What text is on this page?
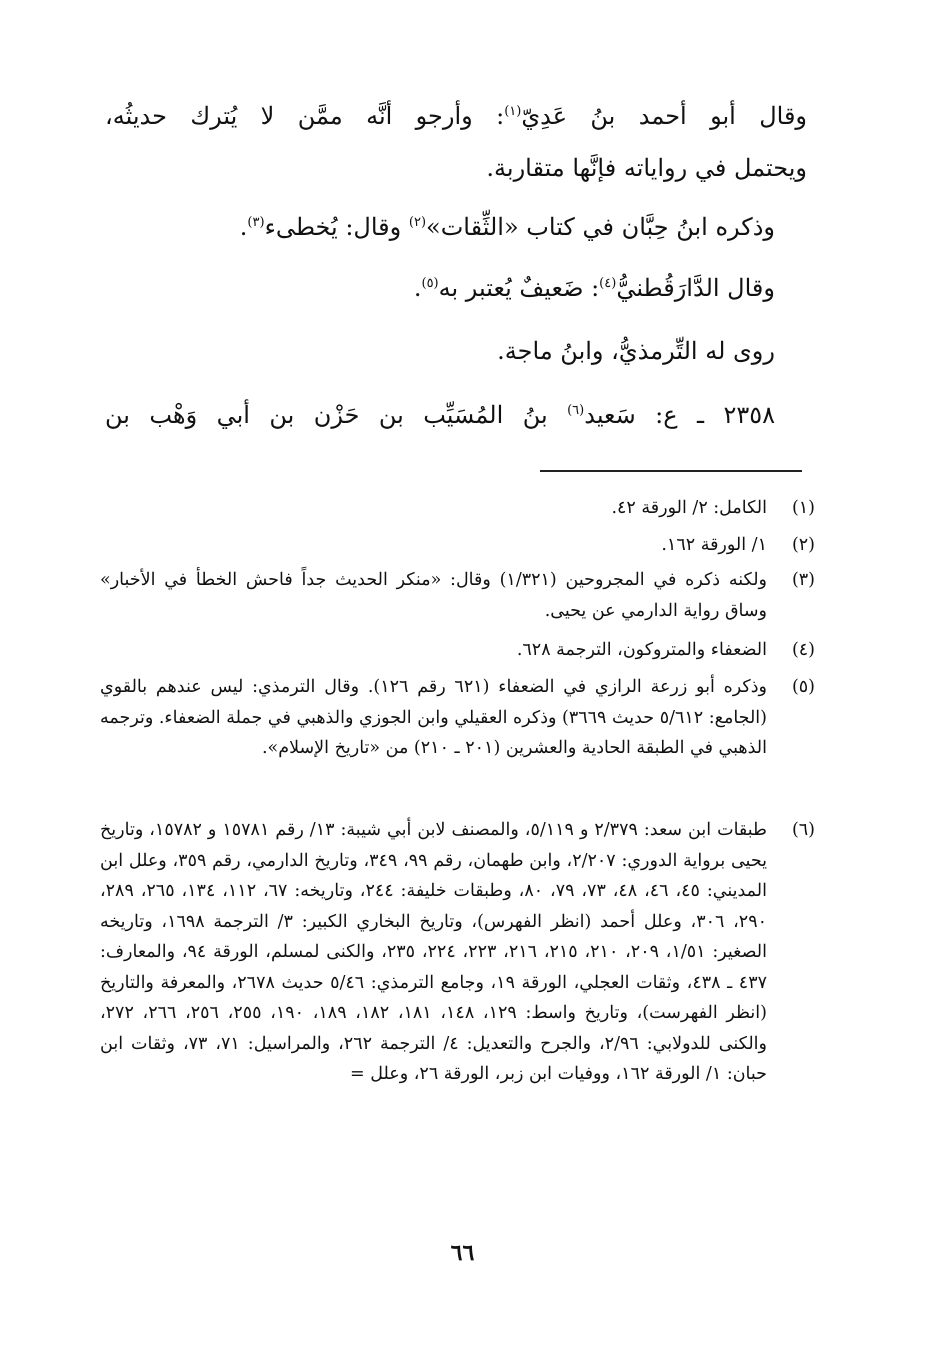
وقال أبو أحمد بنُ عَدِيّ$^{(١)}$: وأرجو أنَّه ممَّن لا يُترك حديثُه،
ويحتمل في رواياته فإنَّها متقاربة.
وذكره ابنُ حِبَّان في كتاب «الثِّقات»$^{(٢)}$ وقال: يُخطىء$^{(٣)}$.
وقال الدَّارَقُطنيُّ$^{(٤)}$: ضَعيفٌ يُعتبر به$^{(٥)}$.
روى له التِّرمذيُّ، وابنُ ماجة.
٢٣٥٨ ـ ع: سَعيد$^{(٦)}$ بنُ المُسَيِّب بن حَزْن بن أبي وَهْب بن
(١)
الكامل: ٢/ الورقة ٤٢.
(٢)
١/ الورقة ١٦٢.
(٣)
ولكنه ذكره في المجروحين (١/٣٢١) وقال: «منكر الحديث جداً فاحش الخطأ في الأخبار» وساق رواية الدارمي عن يحيى.
(٤)
الضعفاء والمتروكون، الترجمة ٦٢٨.
(٥)
وذكره أبو زرعة الرازي في الضعفاء (٦٢١ رقم ١٢٦). وقال الترمذي: ليس عندهم بالقوي (الجامع: ٥/٦١٢ حديث ٣٦٦٩) وذكره العقيلي وابن الجوزي والذهبي في جملة الضعفاء. وترجمه الذهبي في الطبقة الحادية والعشرين (٢٠١ ـ ٢١٠) من «تاريخ الإسلام».
(٦)
طبقات ابن سعد: ٢/٣٧٩ و ٥/١١٩، والمصنف لابن أبي شيبة: ١٣/ رقم ١٥٧٨١ و ١٥٧٨٢، وتاريخ يحيى برواية الدوري: ٢/٢٠٧، وابن طهمان، رقم ٩٩، ٣٤٩، وتاريخ الدارمي، رقم ٣٥٩، وعلل ابن المديني: ٤٥، ٤٦، ٤٨، ٧٣، ٧٩، ٨٠، وطبقات خليفة: ٢٤٤، وتاريخه: ٦٧، ١١٢، ١٣٤، ٢٦٥، ٢٨٩، ٢٩٠، ٣٠٦، وعلل أحمد (انظر الفهرس)، وتاريخ البخاري الكبير: ٣/ الترجمة ١٦٩٨، وتاريخه الصغير: ١/٥١، ٢٠٩، ٢١٠، ٢١٥، ٢١٦، ٢٢٣، ٢٢٤، ٢٣٥، والكنى لمسلم، الورقة ٩٤، والمعارف: ٤٣٧ ـ ٤٣٨، وثقات العجلي، الورقة ١٩، وجامع الترمذي: ٥/٤٦ حديث ٢٦٧٨، والمعرفة والتاريخ (انظر الفهرست)، وتاريخ واسط: ١٢٩، ١٤٨، ١٨١، ١٨٢، ١٨٩، ١٩٠، ٢٥٥، ٢٥٦، ٢٦٦، ٢٧٢، والكنى للدولابي: ٢/٩٦، والجرح والتعديل: ٤/ الترجمة ٢٦٢، والمراسيل: ٧١، ٧٣، وثقات ابن حبان: ١/ الورقة ١٦٢، ووفيات ابن زبر، الورقة ٢٦، وعلل =
٦٦
